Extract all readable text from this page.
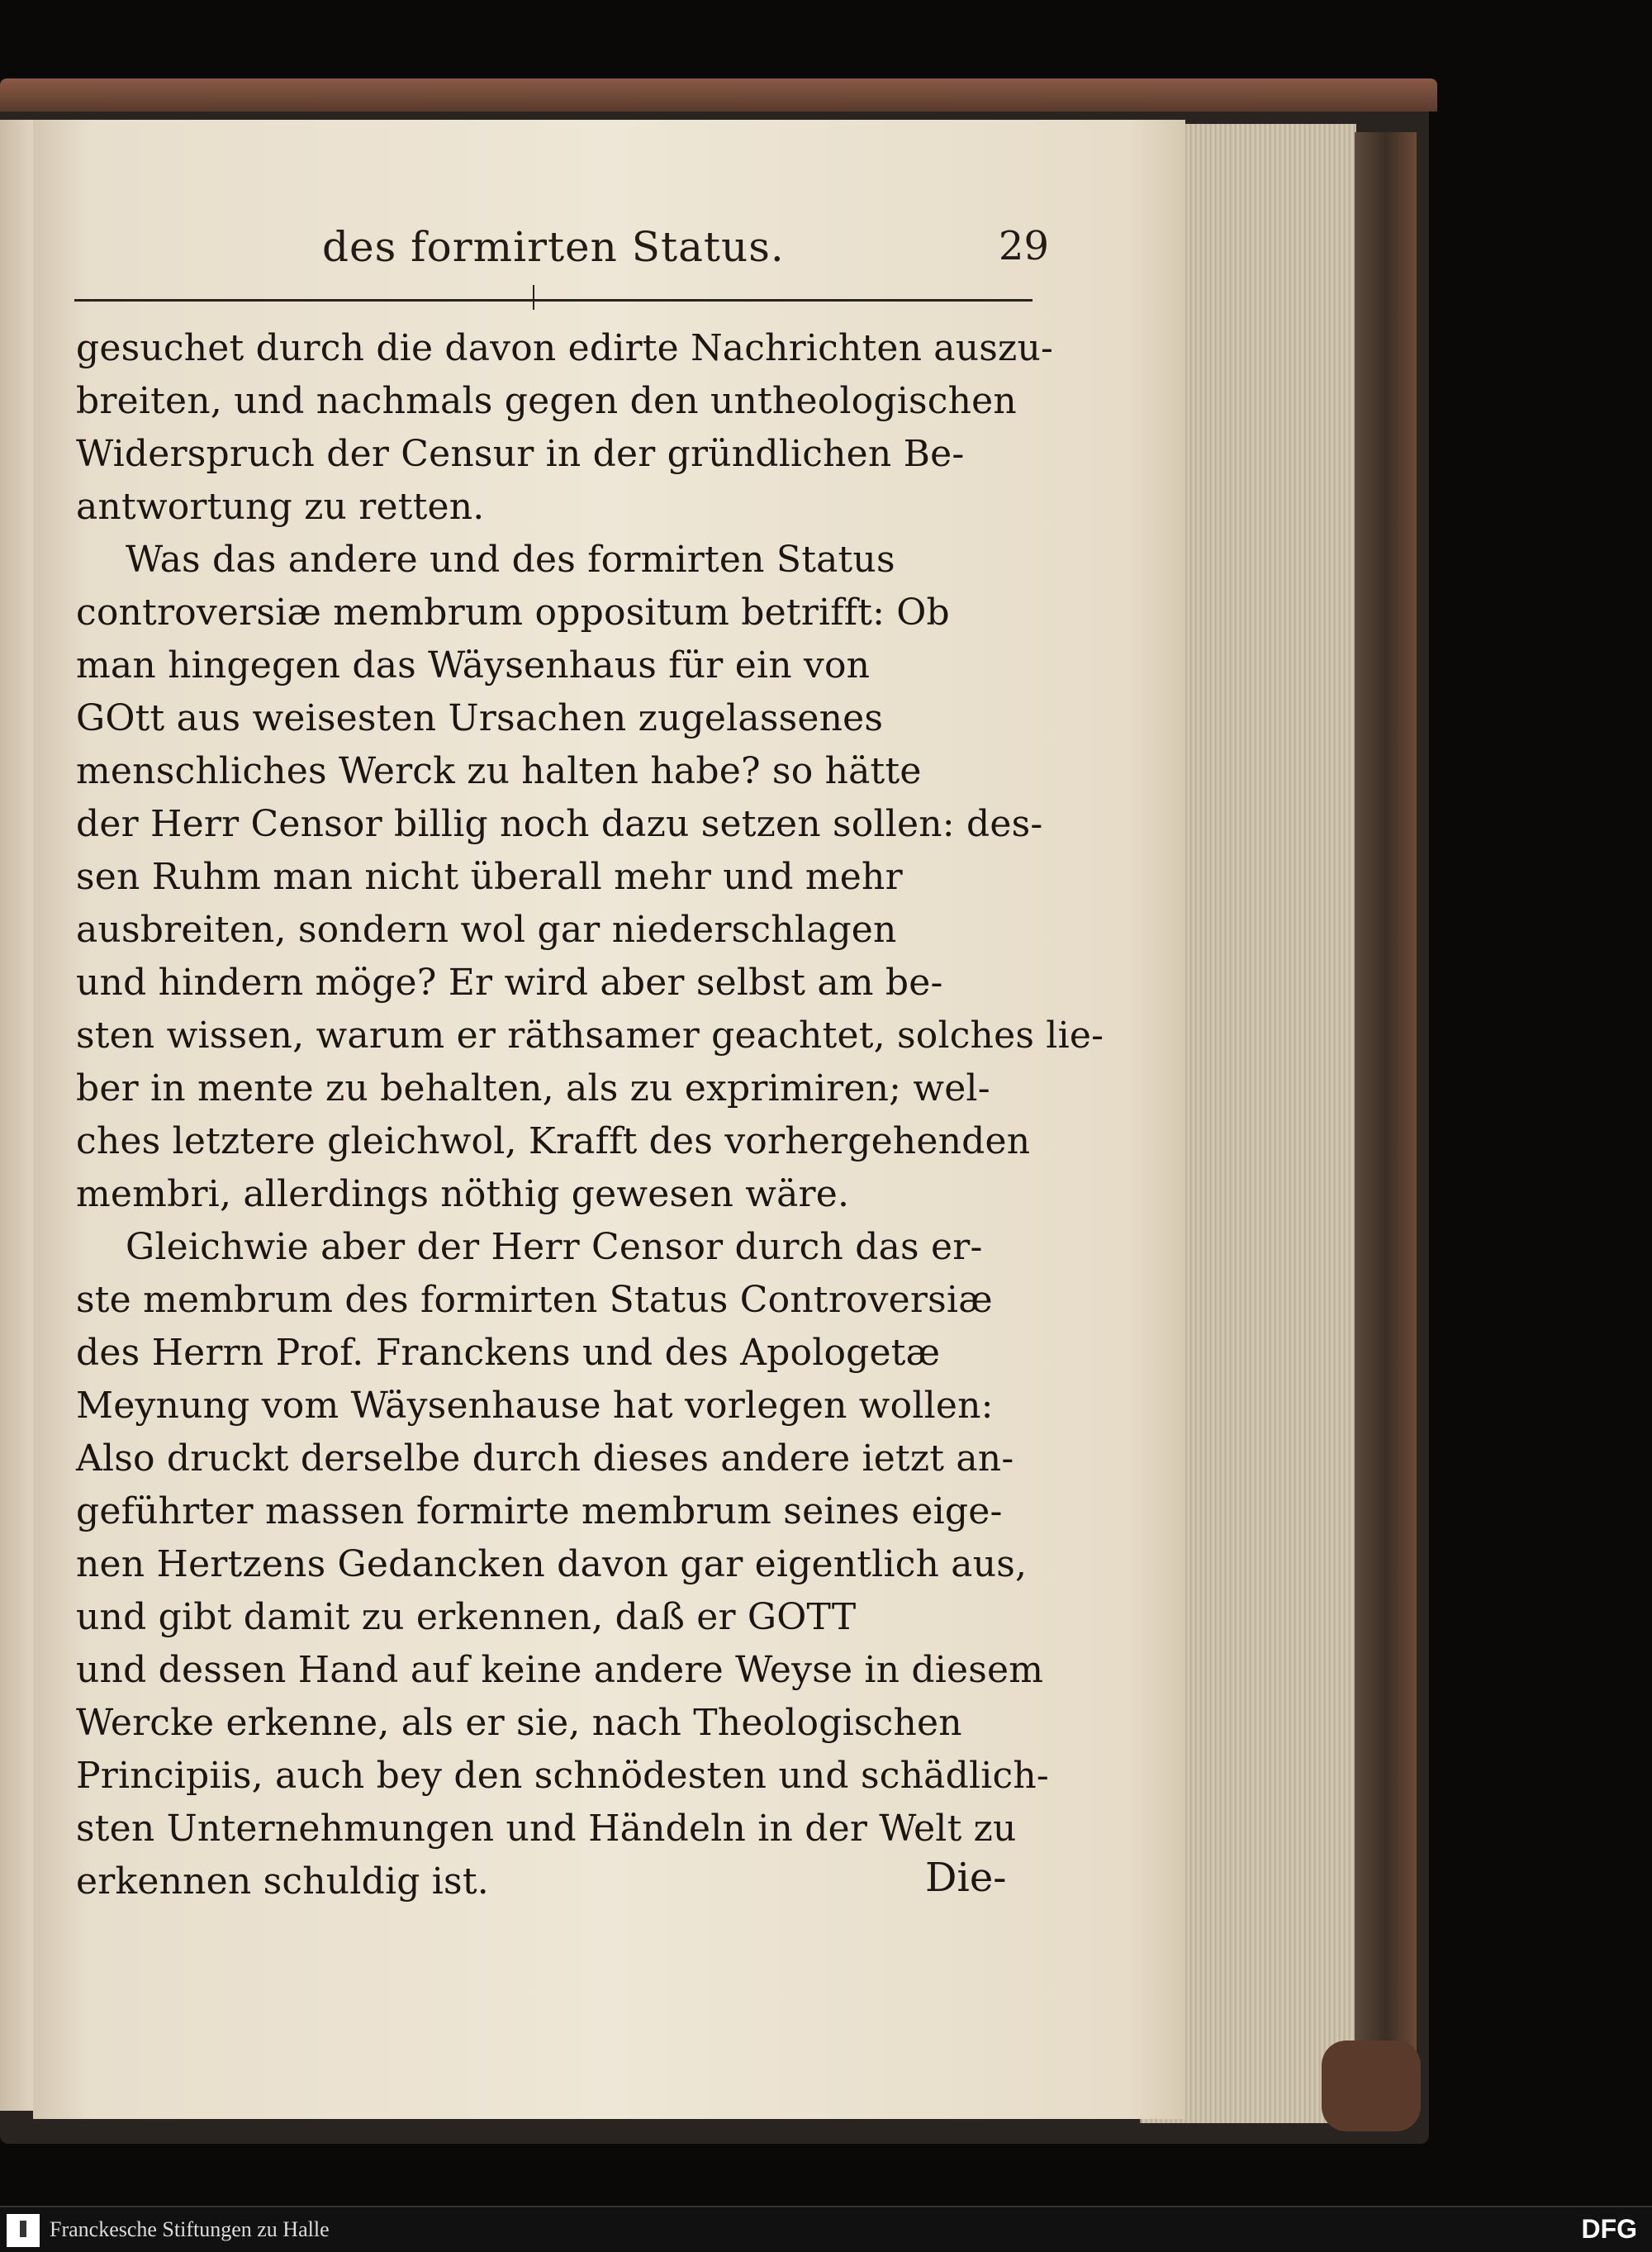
des formirten Status.	29
gesuchet durch die davon edirte Nachrichten auszu-
breiten, und nachmals gegen den untheologischen
Widerspruch der Censur in der gründlichen Be-
antwortung zu retten.
Was das andere und des formirten Status
controversiæ membrum oppositum betrifft: Ob
man hingegen das Wäysenhaus für ein von
GOtt aus weisesten Ursachen zugelassenes
menschliches Werck zu halten habe? so hätte
der Herr Censor billig noch dazu setzen sollen: des-
sen Ruhm man nicht überall mehr und mehr
ausbreiten, sondern wol gar niederschlagen
und hindern möge? Er wird aber selbst am be-
sten wissen, warum er räthsamer geachtet, solches lie-
ber in mente zu behalten, als zu exprimiren; wel-
ches letztere gleichwol, Krafft des vorhergehenden
membri, allerdings nöthig gewesen wäre.
Gleichwie aber der Herr Censor durch das er-
ste membrum des formirten Status Controversiæ
des Herrn Prof. Franckens und des Apologetæ
Meynung vom Wäysenhause hat vorlegen wollen:
Also druckt derselbe durch dieses andere ietzt an-
geführter massen formirte membrum seines eige-
nen Hertzens Gedancken davon gar eigentlich aus,
und gibt damit zu erkennen, daß er GOTT
und dessen Hand auf keine andere Weyse in diesem
Wercke erkenne, als er sie, nach Theologischen
Principiis, auch bey den schnödesten und schädlich-
sten Unternehmungen und Händeln in der Welt zu
erkennen schuldig ist.	Die-
Franckesche Stiftungen zu Halle	DFG
